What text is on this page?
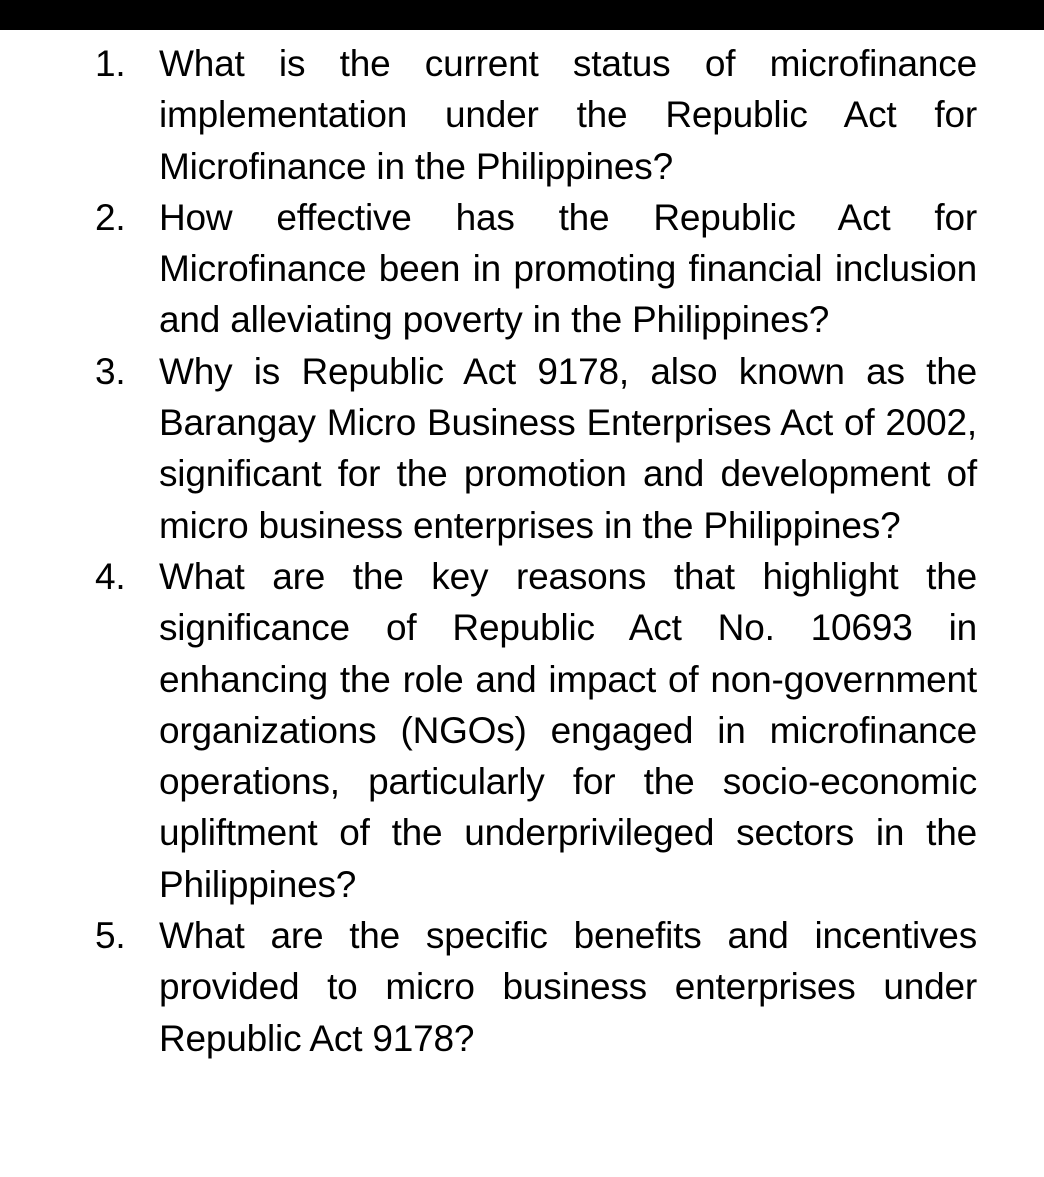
1. What is the current status of microfinance implementation under the Republic Act for Microfinance in the Philippines?
2. How effective has the Republic Act for Microfinance been in promoting financial inclusion and alleviating poverty in the Philippines?
3. Why is Republic Act 9178, also known as the Barangay Micro Business Enterprises Act of 2002, significant for the promotion and development of micro business enterprises in the Philippines?
4. What are the key reasons that highlight the significance of Republic Act No. 10693 in enhancing the role and impact of non-government organizations (NGOs) engaged in microfinance operations, particularly for the socio-economic upliftment of the underprivileged sectors in the Philippines?
5. What are the specific benefits and incentives provided to micro business enterprises under Republic Act 9178?
